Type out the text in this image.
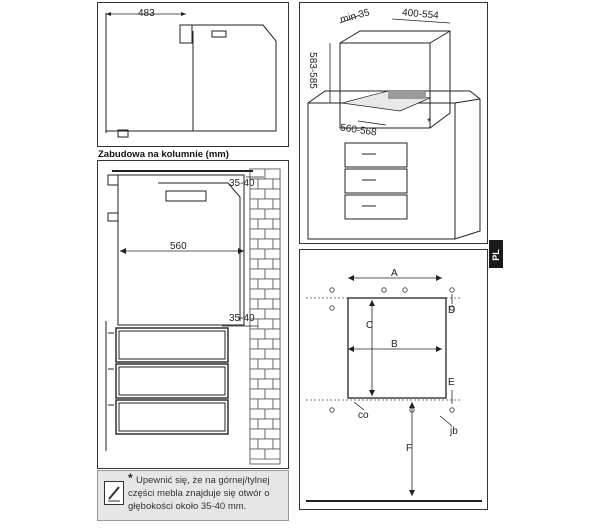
483	min 35	400-554
583-585
560-568	*
PL
Zabudowa na kolumnie (mm)
35-40
560
35-40
A
B
C
D
E
F
co
jb
* Upewnić się, że na górnej/tylnej
części mebla znajduje się otwór o
głębokości około 35-40 mm.
